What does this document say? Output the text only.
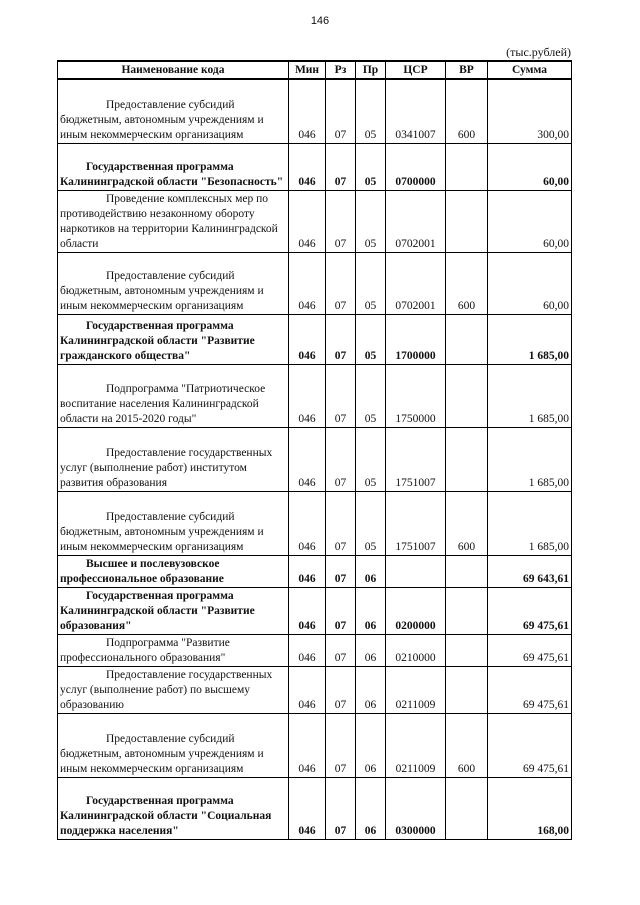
146
(тыс.рублей)
Наименование кода	Мин	Рз	Пр	ЦСР	ВР	Сумма

Предоставление субсидий бюджетным, автономным учреждениям и иным некоммерческим организациям	046	07	05	0341007	600	300,00

Государственная программа Калининградской области "Безопасность"	046	07	05	0700000		60,00

Проведение комплексных мер по противодействию незаконному обороту наркотиков на территории Калининградской области	046	07	05	0702001		60,00

Предоставление субсидий бюджетным, автономным учреждениям и иным некоммерческим организациям	046	07	05	0702001	600	60,00

Государственная программа Калининградской области "Развитие гражданского общества"	046	07	05	1700000		1 685,00

Подпрограмма "Патриотическое воспитание населения Калининградской области на 2015-2020 годы"	046	07	05	1750000		1 685,00

Предоставление государственных услуг (выполнение работ) институтом развития образования	046	07	05	1751007		1 685,00

Предоставление субсидий бюджетным, автономным учреждениям и иным некоммерческим организациям	046	07	05	1751007	600	1 685,00

Высшее и послевузовское профессиональное образование	046	07	06			69 643,61

Государственная программа Калининградской области "Развитие образования"	046	07	06	0200000		69 475,61

Подпрограмма "Развитие профессионального образования"	046	07	06	0210000		69 475,61

Предоставление государственных услуг (выполнение работ) по высшему образованию	046	07	06	0211009		69 475,61

Предоставление субсидий бюджетным, автономным учреждениям и иным некоммерческим организациям	046	07	06	0211009	600	69 475,61

Государственная программа Калининградской области "Социальная поддержка населения"	046	07	06	0300000		168,00
